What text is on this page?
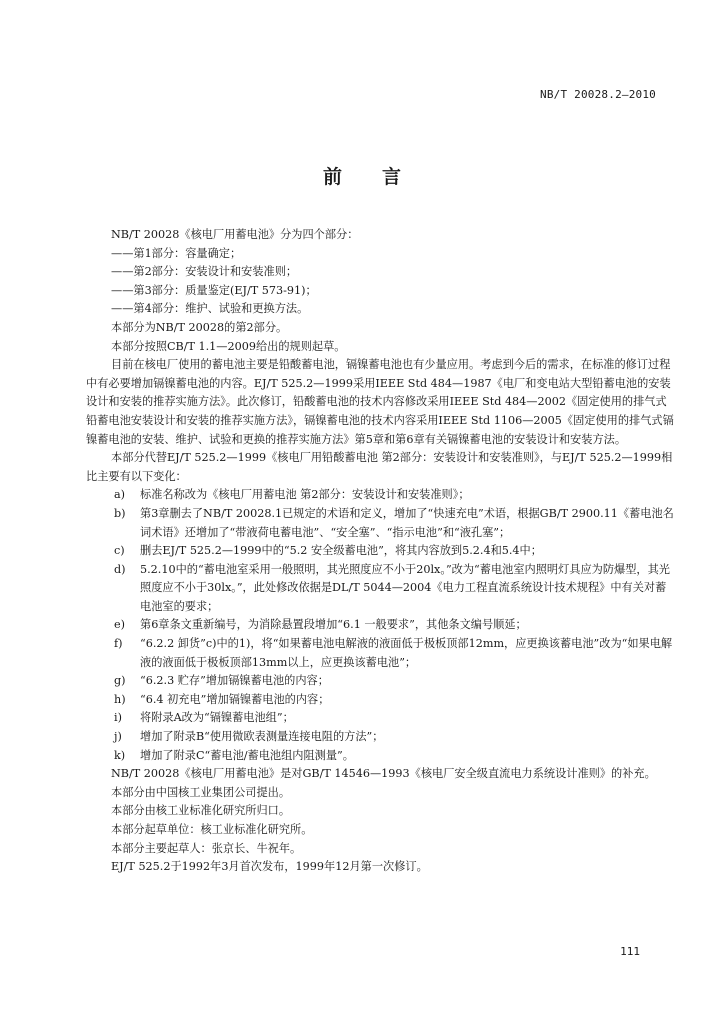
NB/T 20028.2—2010
前 言

NB/T 20028《核电厂用蓄电池》分为四个部分：

——第1部分：容量确定；

——第2部分：安装设计和安装准则；

——第3部分：质量鉴定(EJ/T 573-91)；

——第4部分：维护、试验和更换方法。

本部分为NB/T 20028的第2部分。

本部分按照CB/T 1.1—2009给出的规则起草。

目前在核电厂使用的蓄电池主要是铅酸蓄电池，镉镍蓄电池也有少量应用。考虑到今后的需求，在标准的修订过程中有必要增加镉镍蓄电池的内容。EJ/T 525.2—1999采用IEEE Std 484—1987《电厂和变电站大型铅蓄电池的安装设计和安装的推荐实施方法》。此次修订，铅酸蓄电池的技术内容修改采用IEEE Std 484—2002《固定使用的排气式铅蓄电池安装设计和安装的推荐实施方法》，镉镍蓄电池的技术内容采用IEEE Std 1106—2005《固定使用的排气式镉镍蓄电池的安装、维护、试验和更换的推荐实施方法》第5章和第6章有关镉镍蓄电池的安装设计和安装方法。

本部分代替EJ/T 525.2—1999《核电厂用铅酸蓄电池 第2部分：安装设计和安装准则》，与EJ/T 525.2—1999相比主要有以下变化：

a)	标准名称改为《核电厂用蓄电池 第2部分：安装设计和安装准则》；
b)	第3章删去了NB/T 20028.1已规定的术语和定义，增加了“快速充电”术语，根据GB/T 2900.11《蓄电池名词术语》还增加了“带液荷电蓄电池”、“安全塞”、“指示电池”和“液孔塞”；
c)	删去EJ/T 525.2—1999中的“5.2 安全级蓄电池”，将其内容放到5.2.4和5.4中；
d)	5.2.10中的“蓄电池室采用一般照明，其光照度应不小于20lx。”改为“蓄电池室内照明灯具应为防爆型，其光照度应不小于30lx。”，此处修改依据是DL/T 5044—2004《电力工程直流系统设计技术规程》中有关对蓄电池室的要求；
e)	第6章条文重新编号，为消除悬置段增加“6.1 一般要求”，其他条文编号顺延；
f)	“6.2.2 卸货”c)中的1)，将“如果蓄电池电解液的液面低于极板顶部12mm，应更换该蓄电池”改为“如果电解液的液面低于极板顶部13mm以上，应更换该蓄电池”；
g)	“6.2.3 贮存”增加镉镍蓄电池的内容；
h)	“6.4 初充电”增加镉镍蓄电池的内容；
i)	将附录A改为“镉镍蓄电池组”；
j)	增加了附录B“使用微欧表测量连接电阻的方法”；
k)	增加了附录C“蓄电池/蓄电池组内阻测量”。

NB/T 20028《核电厂用蓄电池》是对GB/T 14546—1993《核电厂安全级直流电力系统设计准则》的补充。

本部分由中国核工业集团公司提出。

本部分由核工业标准化研究所归口。

本部分起草单位：核工业标准化研究所。

本部分主要起草人：张京长、牛祝年。

EJ/T 525.2于1992年3月首次发布，1999年12月第一次修订。

111
